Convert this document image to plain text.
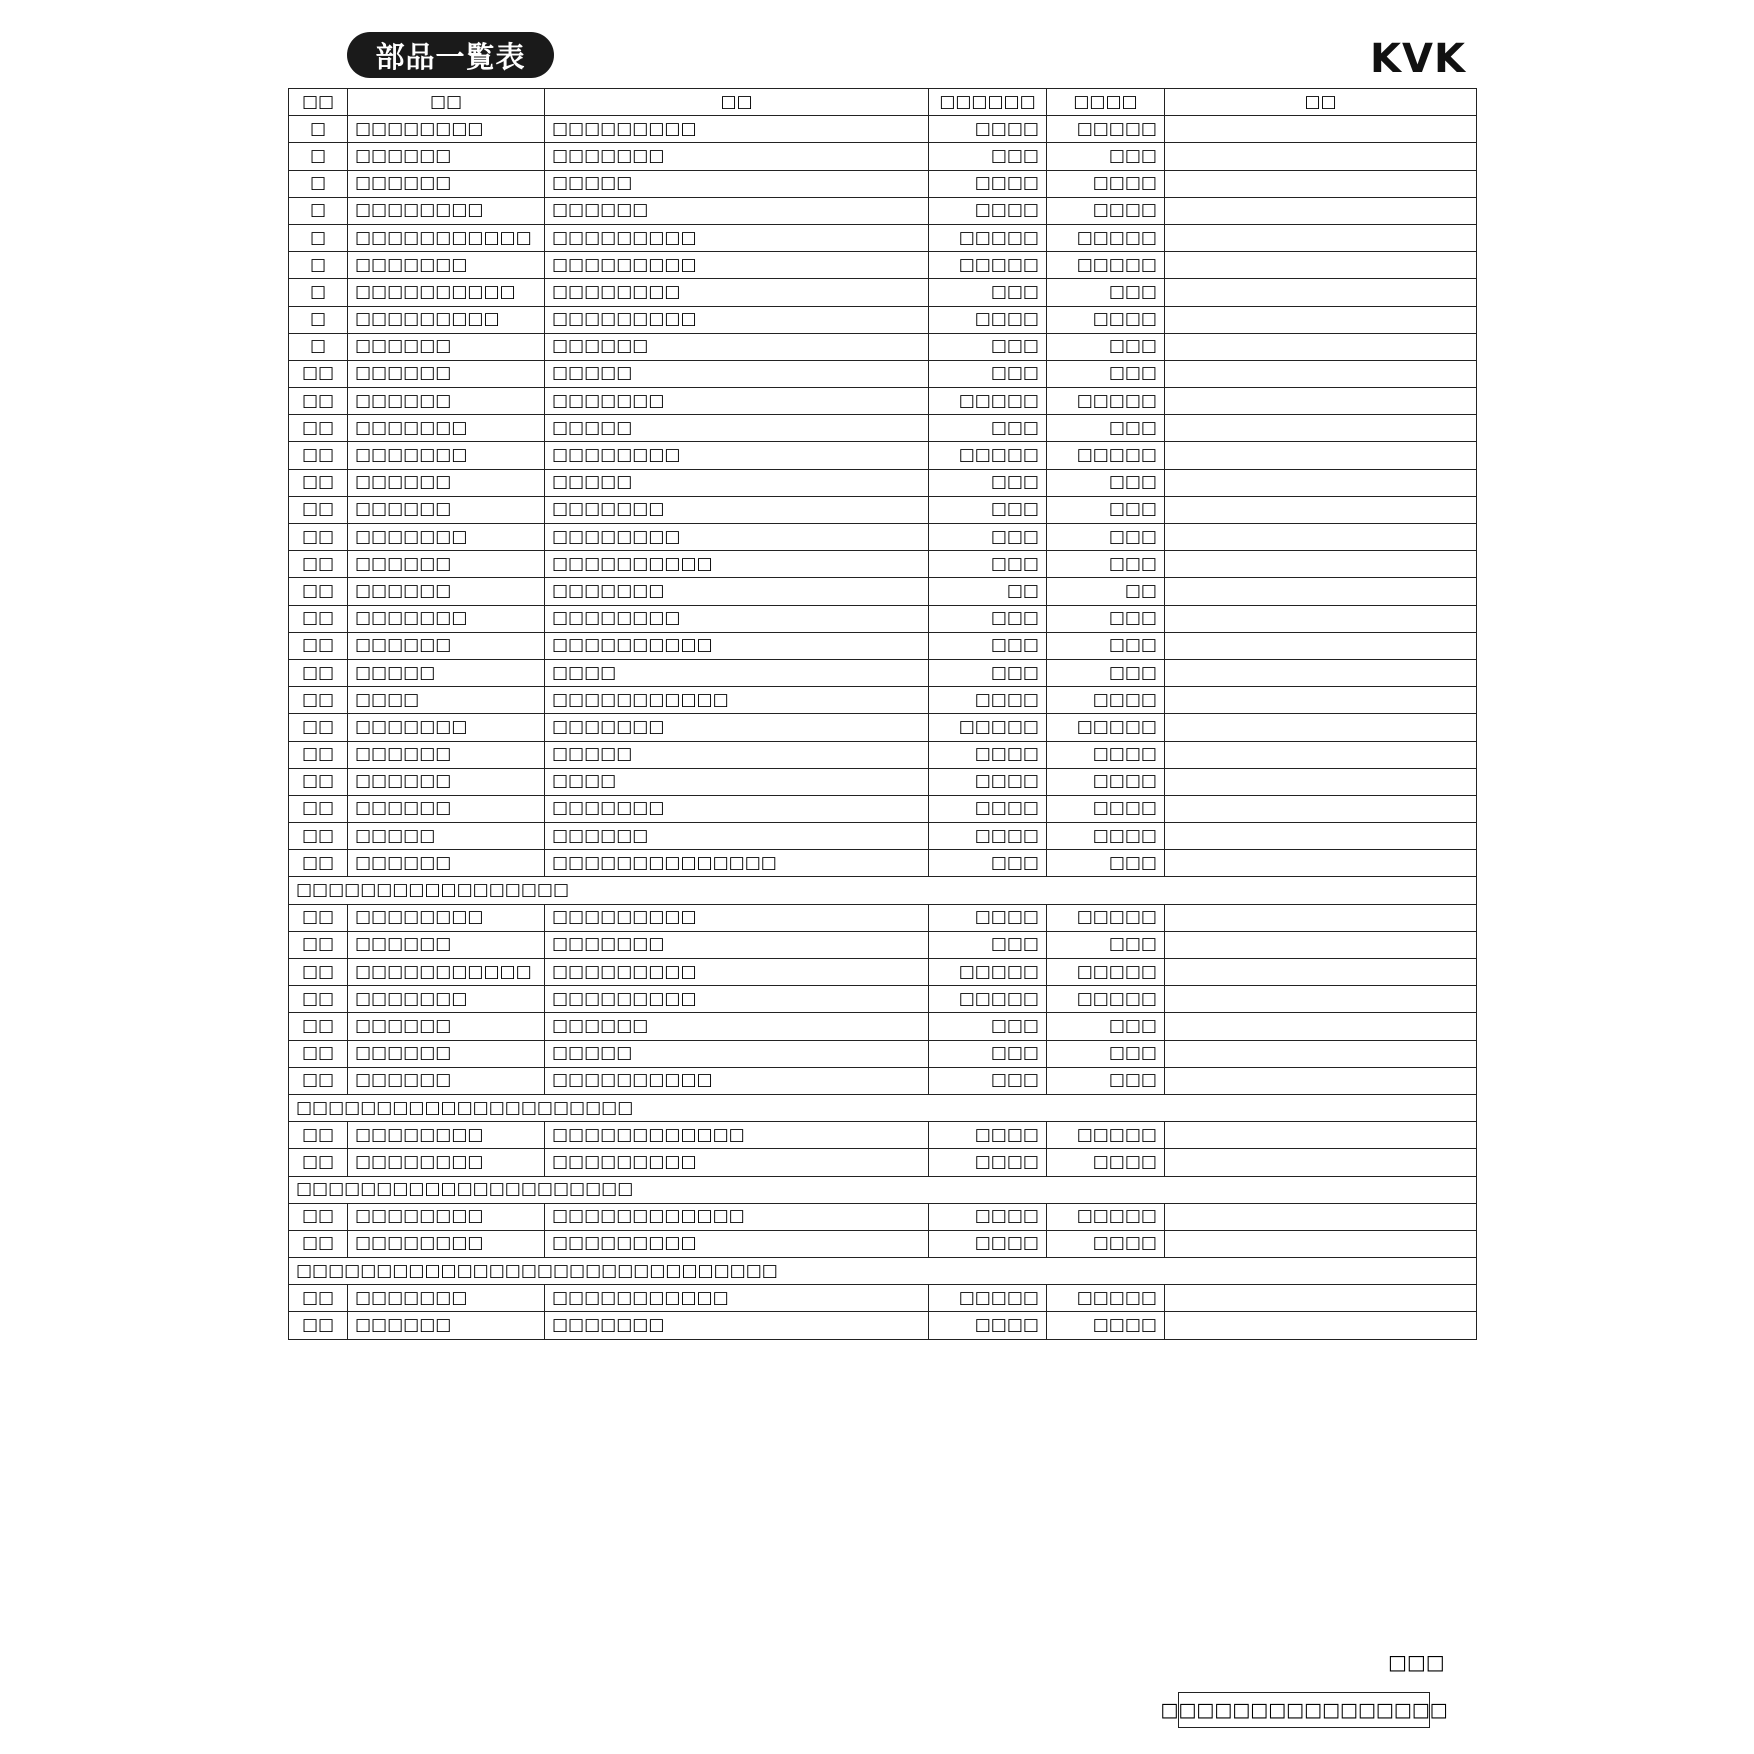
部品一覧表	KVK
□□	□□	□□	□□□□□□	□□□□	□□
□	□□□□□□□□	□□□□□□□□□	□□□□	□□□□□	
□	□□□□□□	□□□□□□□	□□□	□□□	
□	□□□□□□	□□□□□	□□□□	□□□□	
□	□□□□□□□□	□□□□□□	□□□□	□□□□	
□	□□□□□□□□□□□	□□□□□□□□□	□□□□□	□□□□□	
□	□□□□□□□	□□□□□□□□□	□□□□□	□□□□□	
□	□□□□□□□□□□	□□□□□□□□	□□□	□□□	
□	□□□□□□□□□	□□□□□□□□□	□□□□	□□□□	
□	□□□□□□	□□□□□□	□□□	□□□	
□□	□□□□□□	□□□□□	□□□	□□□	
□□	□□□□□□	□□□□□□□	□□□□□	□□□□□	
□□	□□□□□□□	□□□□□	□□□	□□□	
□□	□□□□□□□	□□□□□□□□	□□□□□	□□□□□	
□□	□□□□□□	□□□□□	□□□	□□□	
□□	□□□□□□	□□□□□□□	□□□	□□□	
□□	□□□□□□□	□□□□□□□□	□□□	□□□	
□□	□□□□□□	□□□□□□□□□□	□□□	□□□	
□□	□□□□□□	□□□□□□□	□□	□□	
□□	□□□□□□□	□□□□□□□□	□□□	□□□	
□□	□□□□□□	□□□□□□□□□□	□□□	□□□	
□□	□□□□□	□□□□	□□□	□□□	
□□	□□□□	□□□□□□□□□□□	□□□□	□□□□	
□□	□□□□□□□	□□□□□□□	□□□□□	□□□□□	
□□	□□□□□□	□□□□□	□□□□	□□□□	
□□	□□□□□□	□□□□	□□□□	□□□□	
□□	□□□□□□	□□□□□□□	□□□□	□□□□	
□□	□□□□□	□□□□□□	□□□□	□□□□	
□□	□□□□□□	□□□□□□□□□□□□□□	□□□	□□□	
□□□□□□□□□□□□□□□□□					
□□	□□□□□□□□	□□□□□□□□□	□□□□	□□□□□	
□□	□□□□□□	□□□□□□□	□□□	□□□	
□□	□□□□□□□□□□□	□□□□□□□□□	□□□□□	□□□□□	
□□	□□□□□□□	□□□□□□□□□	□□□□□	□□□□□	
□□	□□□□□□	□□□□□□	□□□	□□□	
□□	□□□□□□	□□□□□	□□□	□□□	
□□	□□□□□□	□□□□□□□□□□	□□□	□□□	
□□□□□□□□□□□□□□□□□□□□□					
□□	□□□□□□□□	□□□□□□□□□□□□	□□□□	□□□□□	
□□	□□□□□□□□	□□□□□□□□□	□□□□	□□□□	
□□□□□□□□□□□□□□□□□□□□□					
□□	□□□□□□□□	□□□□□□□□□□□□	□□□□	□□□□□	
□□	□□□□□□□□	□□□□□□□□□	□□□□	□□□□	
□□□□□□□□□□□□□□□□□□□□□□□□□□□□□□					
□□	□□□□□□□	□□□□□□□□□□□	□□□□□	□□□□□	
□□	□□□□□□	□□□□□□□	□□□□	□□□□	
□□□
□□□□□□□□□□□□□□□□
